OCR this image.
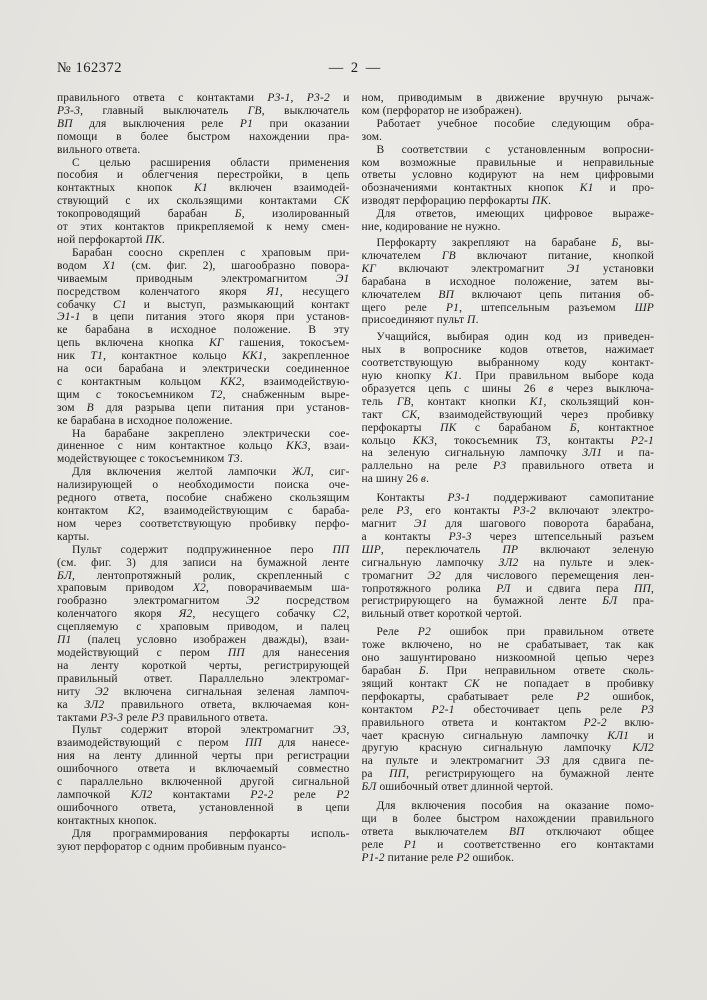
№ 162372	— 2 —
правильного ответа с контактами Р3-1, Р3-2 и
Р3-3, главный выключатель ГВ, выключатель
ВП для выключения реле Р1 при оказании
помощи в более быстром нахождении пра-
вильного ответа.
С целью расширения области применения
пособия и облегчения перестройки, в цепь
контактных кнопок К1 включен взаимодей-
ствующий с их скользящими контактами СК
токопроводящий барабан Б, изолированный
от этих контактов прикрепляемой к нему смен-
ной перфокартой ПК.
Барабан соосно скреплен с храповым при-
водом Х1 (см. фиг. 2), шагообразно повора-
чиваемым приводным электромагнитом Э1
посредством коленчатого якоря Я1, несущего
собачку С1 и выступ, размыкающий контакт
Э1-1 в цепи питания этого якоря при установ-
ке барабана в исходное положение. В эту
цепь включена кнопка КГ гашения, токосъем-
ник Т1, контактное кольцо КК1, закрепленное
на оси барабана и электрически соединенное
с контактным кольцом КК2, взаимодействую-
щим с токосъемником Т2, снабженным выре-
зом В для разрыва цепи питания при установ-
ке барабана в исходное положение.
На барабане закреплено электрически сое-
диненное с ним контактное кольцо КК3, взаи-
модействующее с токосъемником Т3.
Для включения желтой лампочки ЖЛ, сиг-
нализирующей о необходимости поиска оче-
редного ответа, пособие снабжено скользящим
контактом К2, взаимодействующим с бараба-
ном через соответствующую пробивку перфо-
карты.
Пульт содержит подпружиненное перо ПП
(см. фиг. 3) для записи на бумажной ленте
БЛ, лентопротяжный ролик, скрепленный с
храповым приводом Х2, поворачиваемым ша-
гообразно электромагнитом Э2 посредством
коленчатого якоря Я2, несущего собачку С2,
сцепляемую с храповым приводом, и палец
П1 (палец условно изображен дважды), взаи-
модействующий с пером ПП для нанесения
на ленту короткой черты, регистрирующей
правильный ответ. Параллельно электромаг-
ниту Э2 включена сигнальная зеленая лампоч-
ка ЗЛ2 правильного ответа, включаемая кон-
тактами Р3-3 реле Р3 правильного ответа.
Пульт содержит второй электромагнит Э3,
взаимодействующий с пером ПП для нанесе-
ния на ленту длинной черты при регистрации
ошибочного ответа и включаемый совместно
с параллельно включенной другой сигнальной
лампочкой КЛ2 контактами Р2-2 реле Р2
ошибочного ответа, установленной в цепи
контактных кнопок.
Для программирования перфокарты исполь-
зуют перфоратор с одним пробивным пуансо-
ном, приводимым в движение вручную рычаж-
ком (перфоратор не изображен).
Работает учебное пособие следующим обра-
зом.
В соответствии с установленным вопросни-
ком возможные правильные и неправильные
ответы условно кодируют на нем цифровыми
обозначениями контактных кнопок К1 и про-
изводят перфорацию перфокарты ПК.
Для ответов, имеющих цифровое выраже-
ние, кодирование не нужно.
Перфокарту закрепляют на барабане Б, вы-
ключателем ГВ включают питание, кнопкой
КГ включают электромагнит Э1 установки
барабана в исходное положение, затем вы-
ключателем ВП включают цепь питания об-
щего реле Р1, штепсельным разъемом ШР
присоединяют пульт П.
Учащийся, выбирая один код из приведен-
ных в вопроснике кодов ответов, нажимает
соответствующую выбранному коду контакт-
ную кнопку К1. При правильном выборе кода
образуется цепь с шины 26 в через выключа-
тель ГВ, контакт кнопки К1, скользящий кон-
такт СК, взаимодействующий через пробивку
перфокарты ПК с барабаном Б, контактное
кольцо КК3, токосъемник Т3, контакты Р2-1
на зеленую сигнальную лампочку ЗЛ1 и па-
раллельно на реле Р3 правильного ответа и
на шину 26 в.
Контакты Р3-1 поддерживают самопитание
реле Р3, его контакты Р3-2 включают электро-
магнит Э1 для шагового поворота барабана,
а контакты Р3-3 через штепсельный разъем
ШР, переключатель ПР включают зеленую
сигнальную лампочку ЗЛ2 на пульте и элек-
тромагнит Э2 для числового перемещения лен-
топротяжного ролика РЛ и сдвига пера ПП,
регистрирующего на бумажной ленте БЛ пра-
вильный ответ короткой чертой.
Реле Р2 ошибок при правильном ответе
тоже включено, но не срабатывает, так как
оно зашунтировано низкоомной цепью через
барабан Б. При неправильном ответе сколь-
зящий контакт СК не попадает в пробивку
перфокарты, срабатывает реле Р2 ошибок,
контактом Р2-1 обесточивает цепь реле Р3
правильного ответа и контактом Р2-2 вклю-
чает красную сигнальную лампочку КЛ1 и
другую красную сигнальную лампочку КЛ2
на пульте и электромагнит Э3 для сдвига пе-
ра ПП, регистрирующего на бумажной ленте
БЛ ошибочный ответ длинной чертой.
Для включения пособия на оказание помо-
щи в более быстром нахождении правильного
ответа выключателем ВП отключают общее
реле Р1 и соответственно его контактами
Р1-2 питание реле Р2 ошибок.
